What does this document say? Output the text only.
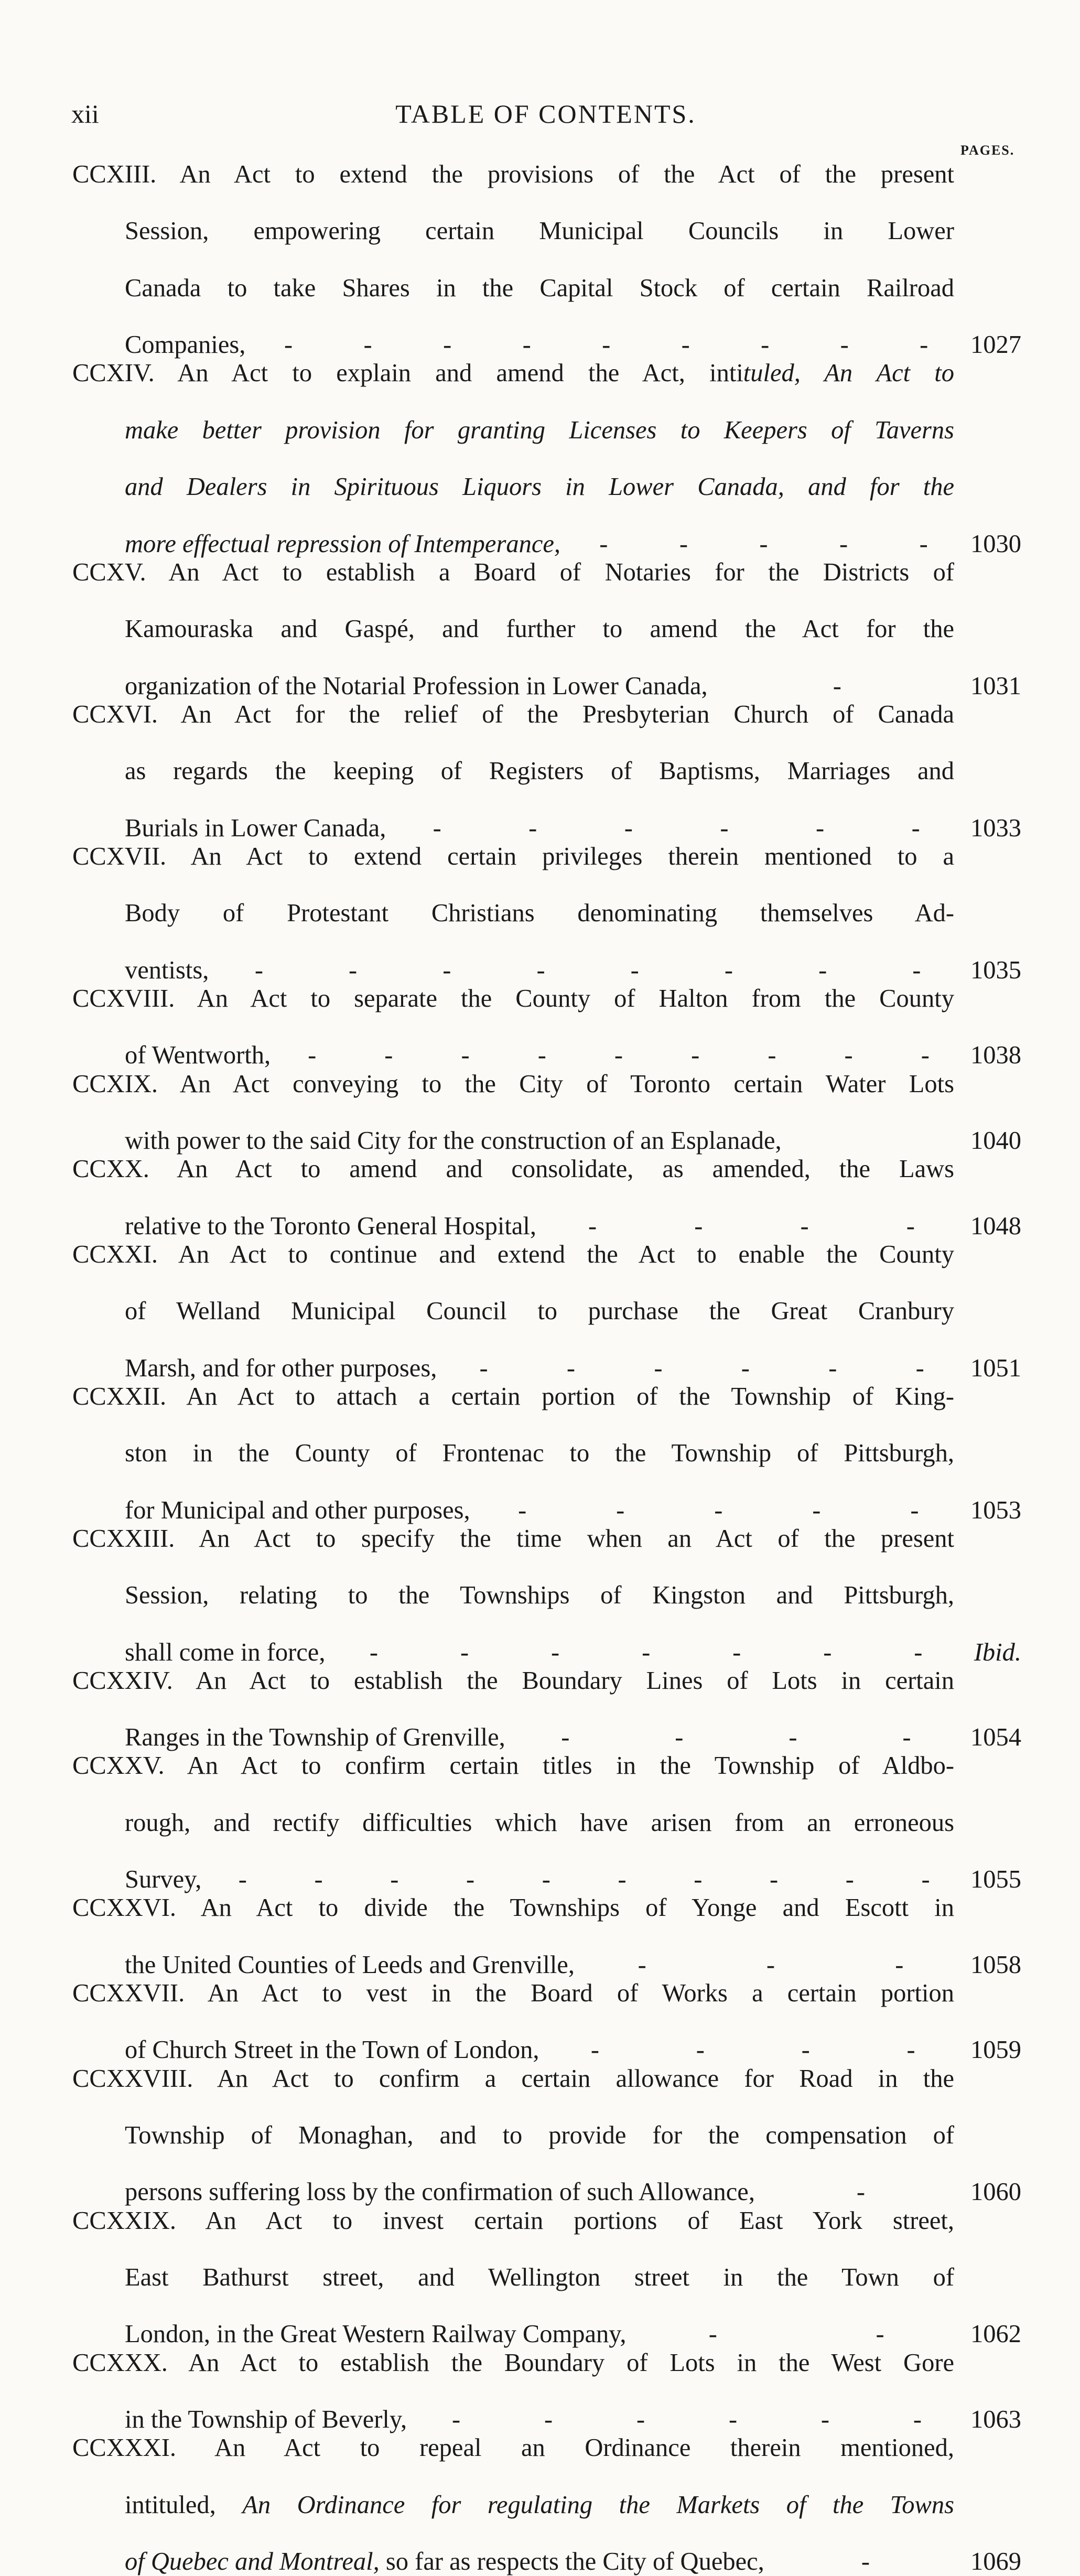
xii	TABLE OF CONTENTS.
PAGES.
CCXIII. An Act to extend the provisions of the Act of the present
Session, empowering certain Municipal Councils in Lower
Canada to take Shares in the Capital Stock of certain Railroad
Companies, -	-	-	-	-	-	-	-	- 1027
CCXIV. An Act to explain and amend the Act, intituled, An Act to
make better provision for granting Licenses to Keepers of Taverns
and Dealers in Spirituous Liquors in Lower Canada, and for the
more effectual repression of Intemperance, -	-	-	-	- 1030
CCXV. An Act to establish a Board of Notaries for the Districts of
Kamouraska and Gaspé, and further to amend the Act for the
organization of the Notarial Profession in Lower Canada,	-	1031
CCXVI. An Act for the relief of the Presbyterian Church of Canada
as regards the keeping of Registers of Baptisms, Marriages and
Burials in Lower Canada, -	-	-	-	-	- 1033
CCXVII. An Act to extend certain privileges therein mentioned to a
Body of Protestant Christians denominating themselves Ad-
ventists, -	-	-	-	-	-	-	- 1035
CCXVIII. An Act to separate the County of Halton from the County
of Wentworth, -	-	-	-	-	-	-	-	- 1038
CCXIX. An Act conveying to the City of Toronto certain Water Lots
with power to the said City for the construction of an Esplanade,	1040
CCXX. An Act to amend and consolidate, as amended, the Laws
relative to the Toronto General Hospital, -	-	-	- 1048
CCXXI. An Act to continue and extend the Act to enable the County
of Welland Municipal Council to purchase the Great Cranbury
Marsh, and for other purposes, -	-	-	-	-	- 1051
CCXXII. An Act to attach a certain portion of the Township of King-
ston in the County of Frontenac to the Township of Pittsburgh,
for Municipal and other purposes, -	-	-	-	- 1053
CCXXIII. An Act to specify the time when an Act of the present
Session, relating to the Townships of Kingston and Pittsburgh,
shall come in force, -	-	-	-	-	-	- Ibid.
CCXXIV. An Act to establish the Boundary Lines of Lots in certain
Ranges in the Township of Grenville, -	-	-	- 1054
CCXXV. An Act to confirm certain titles in the Township of Aldbo-
rough, and rectify difficulties which have arisen from an erroneous
Survey, -	-	-	-	-	-	-	-	-	- 1055
CCXXVI. An Act to divide the Townships of Yonge and Escott in
the United Counties of Leeds and Grenville, -	-	-	1058
CCXXVII. An Act to vest in the Board of Works a certain portion
of Church Street in the Town of London, -	-	-	- 1059
CCXXVIII. An Act to confirm a certain allowance for Road in the
Township of Monaghan, and to provide for the compensation of
persons suffering loss by the confirmation of such Allowance,	-	1060
CCXXIX. An Act to invest certain portions of East York street,
East Bathurst street, and Wellington street in the Town of
London, in the Great Western Railway Company,	-	-	1062
CCXXX. An Act to establish the Boundary of Lots in the West Gore
in the Township of Beverly, -	-	-	-	-	- 1063
CCXXXI. An Act to repeal an Ordinance therein mentioned,
intituled, An Ordinance for regulating the Markets of the Towns
of Quebec and Montreal, so far as respects the City of Quebec,	-	1069
